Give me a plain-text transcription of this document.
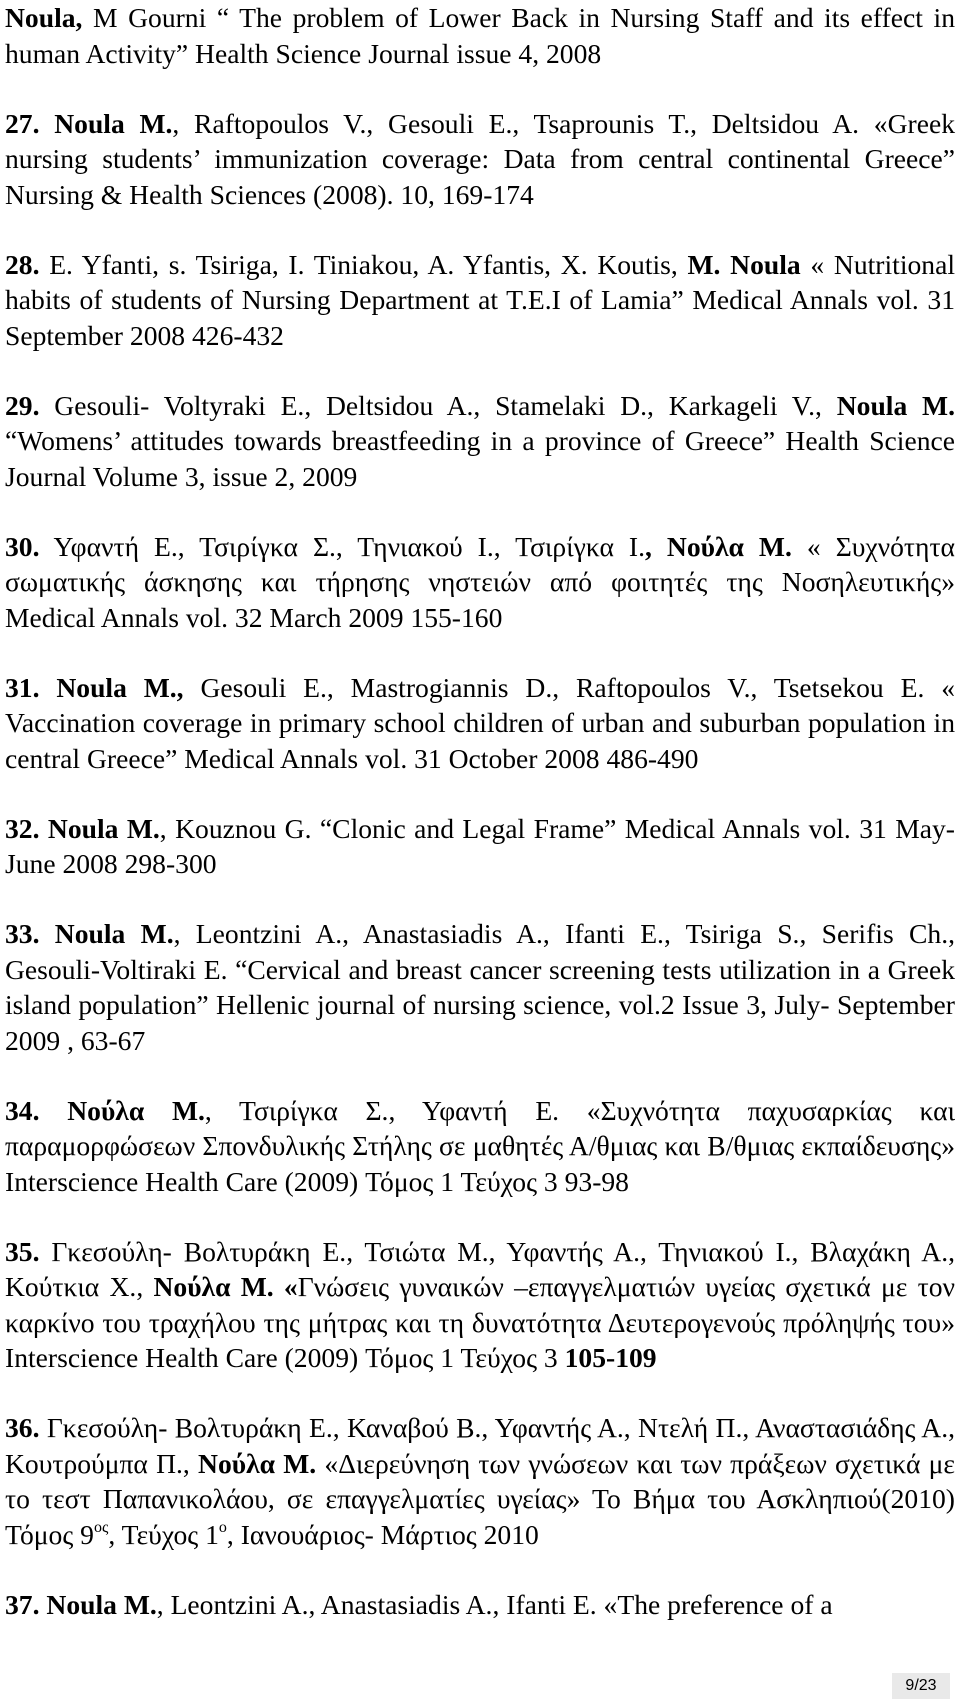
Noula, M Gourni “ The problem of Lower Back in Nursing Staff and its effect in human Activity” Health Science Journal issue 4, 2008

27. Noula M., Raftopoulos V., Gesouli E., Tsaprounis T., Deltsidou A. «Greek nursing students’ immunization coverage: Data from central continental Greece” Nursing & Health Sciences (2008). 10, 169-174

28. E. Yfanti, s. Tsiriga, I. Tiniakou, A. Yfantis, X. Koutis, M. Noula « Nutritional habits of students of Nursing Department at T.E.I of Lamia” Medical Annals vol. 31 September 2008 426-432

29. Gesouli- Voltyraki E., Deltsidou A., Stamelaki D., Karkageli V., Noula M. “Womens’ attitudes towards breastfeeding in a province of Greece” Health Science Journal Volume 3, issue 2, 2009

30. Υφαντή Ε., Τσιρίγκα Σ., Τηνιακού Ι., Τσιρίγκα Ι., Νούλα Μ. « Συχνότητα σωματικής άσκησης και τήρησης νηστειών από φοιτητές της Νοσηλευτικής» Medical Annals vol. 32 March 2009 155-160

31. Noula M., Gesouli E., Mastrogiannis D., Raftopoulos V., Tsetsekou E. « Vaccination coverage in primary school children of urban and suburban population in central Greece” Medical Annals vol. 31 October 2008 486-490

32. Noula M., Kouznou G. “Clonic and Legal Frame” Medical Annals vol. 31 May-June 2008 298-300

33. Noula M., Leontzini A., Anastasiadis A., Ifanti E., Tsiriga S., Serifis Ch., Gesouli-Voltiraki E. “Cervical and breast cancer screening tests utilization in a Greek island population” Hellenic journal of nursing science, vol.2 Issue 3, July- September 2009 , 63-67

34. Νούλα Μ., Τσιρίγκα Σ., Υφαντή Ε. «Συχνότητα παχυσαρκίας και παραμορφώσεων Σπονδυλικής Στήλης σε μαθητές Α/θμιας και Β/θμιας εκπαίδευσης» Interscience Health Care (2009) Τόμος 1 Τεύχος 3 93-98

35. Γκεσούλη- Βολτυράκη Ε., Τσιώτα Μ., Υφαντής Α., Τηνιακού Ι., Βλαχάκη Α., Κούτκια Χ., Νούλα Μ. «Γνώσεις γυναικών –επαγγελματιών υγείας σχετικά με τον καρκίνο του τραχήλου της μήτρας και τη δυνατότητα Δευτερογενούς πρόληψής του» Interscience Health Care (2009) Τόμος 1 Τεύχος 3 105-109

36. Γκεσούλη- Βολτυράκη Ε., Καναβού Β., Υφαντής Α., Ντελή Π., Αναστασιάδης Α., Κουτρούμπα Π., Νούλα Μ. «Διερεύνηση των γνώσεων και των πράξεων σχετικά με το τεστ Παπανικολάου, σε επαγγελματίες υγείας» Το Βήμα του Ασκληπιού(2010) Τόμος $9^{o\varsigma}$, Τεύχος $1^o$, Ιανουάριος- Μάρτιος 2010

37. Noula M., Leontzini A., Anastasiadis A., Ifanti E. «The preference of a

9/23
